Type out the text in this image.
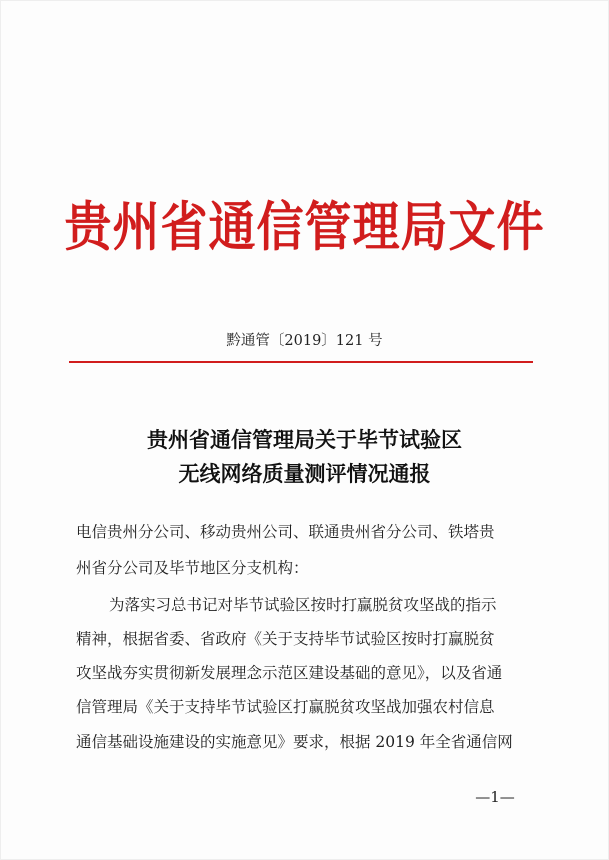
贵州省通信管理局文件
黔通管〔2019〕121 号
贵州省通信管理局关于毕节试验区
无线网络质量测评情况通报
电信贵州分公司、移动贵州公司、联通贵州省分公司、铁塔贵
州省分公司及毕节地区分支机构：
为落实习总书记对毕节试验区按时打赢脱贫攻坚战的指示
精神，根据省委、省政府《关于支持毕节试验区按时打赢脱贫
攻坚战夯实贯彻新发展理念示范区建设基础的意见》，以及省通
信管理局《关于支持毕节试验区打赢脱贫攻坚战加强农村信息
通信基础设施建设的实施意见》要求，根据 2019 年全省通信网
—1—
